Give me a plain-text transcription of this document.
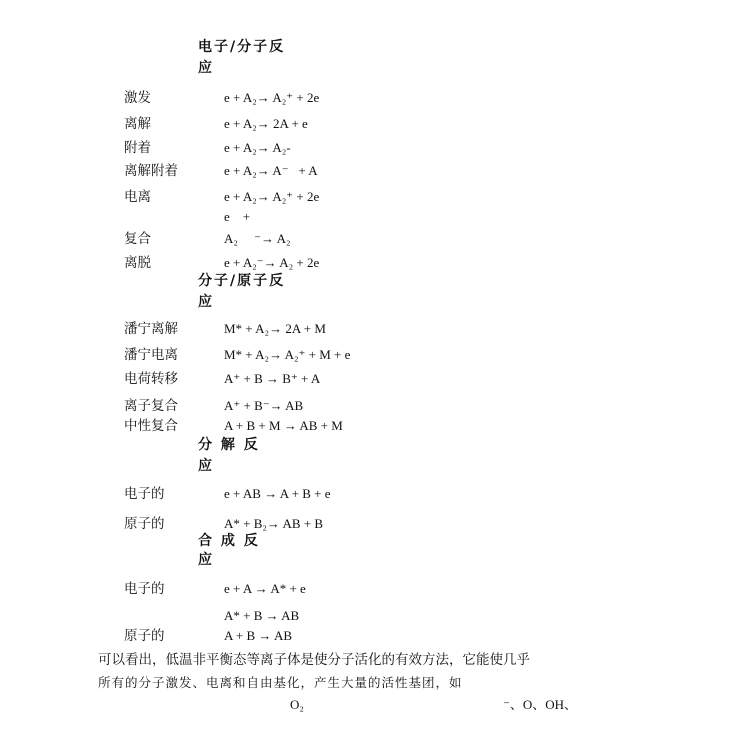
电子/分子反
应
激发	e + A₂→ A₂⁺ + 2e
离解	e + A₂→ 2A + e
附着	e + A₂→ A₂-
离解附着	e + A₂→ A⁻   + A
电离	e + A₂→ A₂⁺ + 2e
e    +
复合	A₂     ⁻→ A₂
离脱	e + A₂⁻→ A₂ + 2e
分子/原子反
应
潘宁离解	M* + A₂→ 2A + M
潘宁电离	M* + A₂→ A₂⁺ + M + e
电荷转移	A⁺ + B → B⁺ + A
离子复合	A⁺ + B⁻→ AB
中性复合	A + B + M → AB + M
分 解 反
应
电子的	e + AB → A + B + e
原子的	A* + B₂→ AB + B
合 成 反
应
电子的	e + A → A* + e
A* + B → AB
原子的	A + B → AB
可以看出，低温非平衡态等离子体是使分子活化的有效方法，它能使几乎
所有的分子激发、电离和自由基化，产生大量的活性基团，如
O₂	⁻、O、OH、
